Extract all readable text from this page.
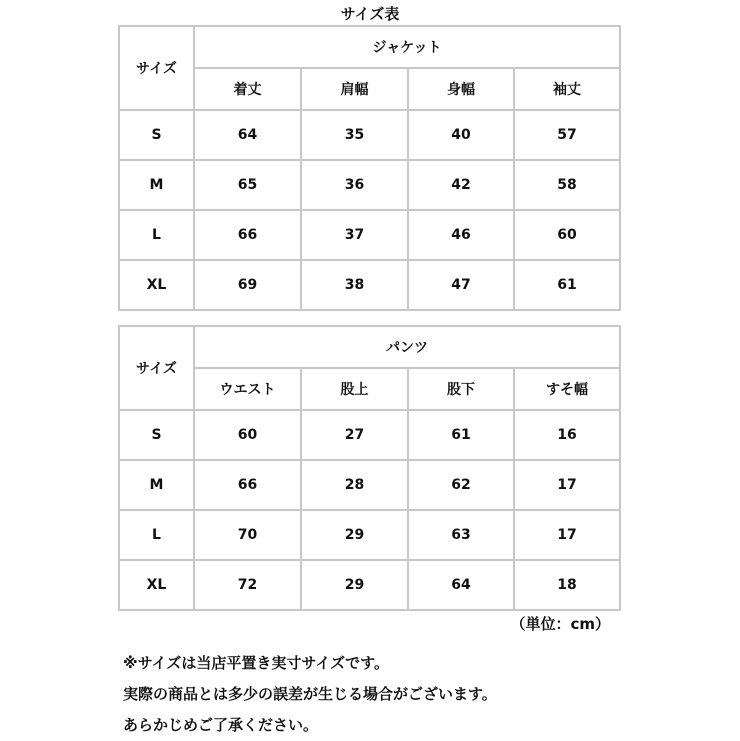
サイズ表
サイズ	ジャケット			
	着丈	肩幅	身幅	袖丈
S	64	35	40	57
M	65	36	42	58
L	66	37	46	60
XL	69	38	47	61
サイズ	パンツ			
	ウエスト	股上	股下	すそ幅
S	60	27	61	16
M	66	28	62	17
L	70	29	63	17
XL	72	29	64	18
（単位：cm）
※サイズは当店平置き実寸サイズです。
実際の商品とは多少の誤差が生じる場合がございます。
あらかじめご了承ください。
